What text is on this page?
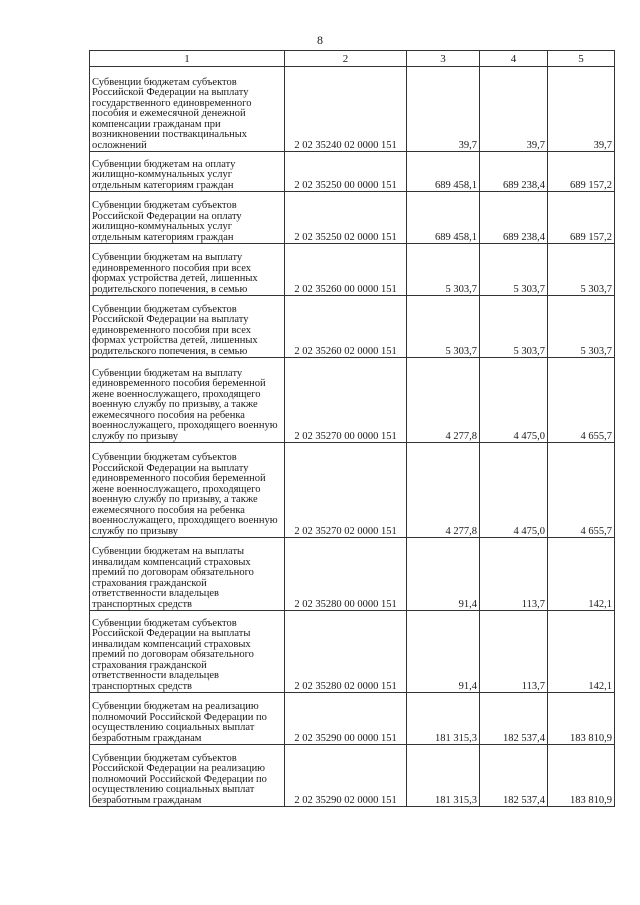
8
1	2	3	4	5
Субвенции бюджетам субъектов Российской Федерации на выплату государственного единовременного пособия и ежемесячной денежной компенсации гражданам при возникновении поствакцинальных осложнений	2 02 35240 02 0000 151	39,7	39,7	39,7
Субвенции бюджетам на оплату жилищно-коммунальных услуг отдельным категориям граждан	2 02 35250 00 0000 151	689 458,1	689 238,4	689 157,2
Субвенции бюджетам субъектов Российской Федерации на оплату жилищно-коммунальных услуг отдельным категориям граждан	2 02 35250 02 0000 151	689 458,1	689 238,4	689 157,2
Субвенции бюджетам на выплату единовременного пособия при всех формах устройства детей, лишенных родительского попечения, в семью	2 02 35260 00 0000 151	5 303,7	5 303,7	5 303,7
Субвенции бюджетам субъектов Российской Федерации на выплату единовременного пособия при всех формах устройства детей, лишенных родительского попечения, в семью	2 02 35260 02 0000 151	5 303,7	5 303,7	5 303,7
Субвенции бюджетам на выплату единовременного пособия беременной жене военнослужащего, проходящего военную службу по призыву, а также ежемесячного пособия на ребенка военнослужащего, проходящего военную службу по призыву	2 02 35270 00 0000 151	4 277,8	4 475,0	4 655,7
Субвенции бюджетам субъектов Российской Федерации на выплату единовременного пособия беременной жене военнослужащего, проходящего военную службу по призыву, а также ежемесячного пособия на ребенка военнослужащего, проходящего военную службу по призыву	2 02 35270 02 0000 151	4 277,8	4 475,0	4 655,7
Субвенции бюджетам на выплаты инвалидам компенсаций страховых премий по договорам обязательного страхования гражданской ответственности владельцев транспортных средств	2 02 35280 00 0000 151	91,4	113,7	142,1
Субвенции бюджетам субъектов Российской Федерации на выплаты инвалидам компенсаций страховых премий по договорам обязательного страхования гражданской ответственности владельцев транспортных средств	2 02 35280 02 0000 151	91,4	113,7	142,1
Субвенции бюджетам на реализацию полномочий Российской Федерации по осуществлению социальных выплат безработным гражданам	2 02 35290 00 0000 151	181 315,3	182 537,4	183 810,9
Субвенции бюджетам субъектов Российской Федерации на реализацию полномочий Российской Федерации по осуществлению социальных выплат безработным гражданам	2 02 35290 02 0000 151	181 315,3	182 537,4	183 810,9
